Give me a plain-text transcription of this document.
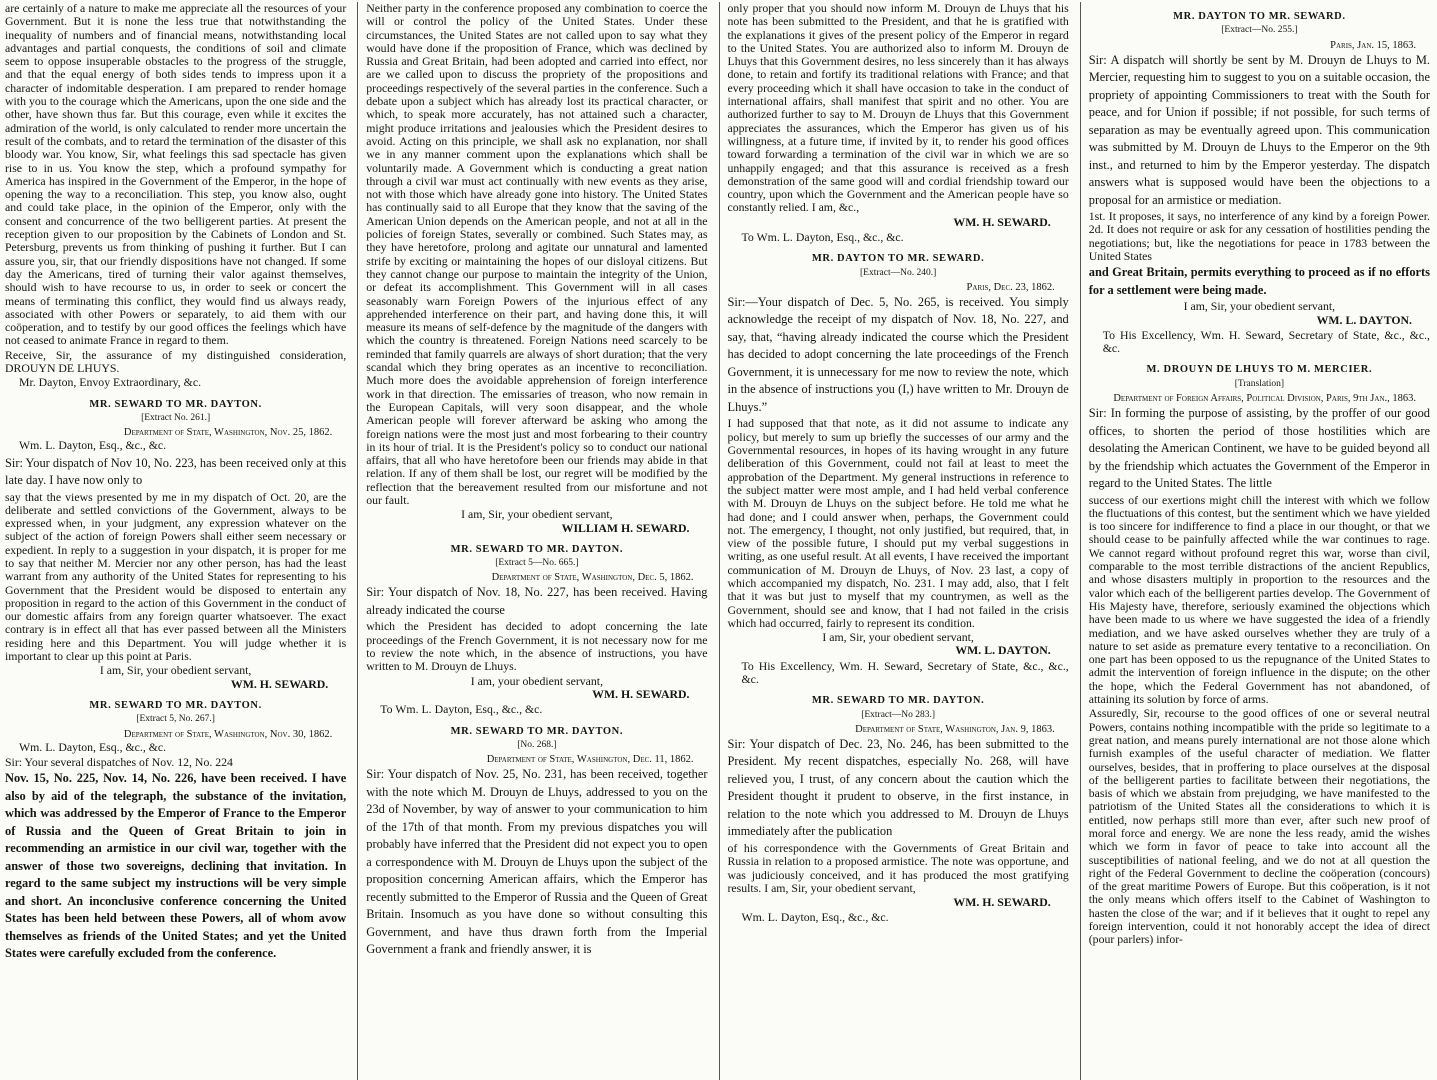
are certainly of a nature to make me appreciate all the resources of your Government. But it is none the less true that notwithstanding the inequality of numbers and of financial means, notwithstanding local advantages and partial conquests, the conditions of soil and climate seem to oppose insuperable obstacles to the progress of the struggle, and that the equal energy of both sides tends to impress upon it a character of indomitable desperation. I am prepared to render homage with you to the courage which the Americans, upon the one side and the other, have shown thus far. But this courage, even while it excites the admiration of the world, is only calculated to render more uncertain the result of the combats, and to retard the termination of the disaster of this bloody war. You know, Sir, what feelings this sad spectacle has given rise to in us. You know the step, which a profound sympathy for America has inspired in the Government of the Emperor, in the hope of opening the way to a reconciliation. This step, you know also, ought and could take place, in the opinion of the Emperor, only with the consent and concurrence of the two belligerent parties. At present the reception given to our proposition by the Cabinets of London and St. Petersburg, prevents us from thinking of pushing it further. But I can assure you, sir, that our friendly dispositions have not changed. If some day the Americans, tired of turning their valor against themselves, should wish to have recourse to us, in order to seek or concert the means of terminating this conflict, they would find us always ready, associated with other Powers or separately, to aid them with our coöperation, and to testify by our good offices the feelings which have not ceased to animate France in regard to them.

Receive, Sir, the assurance of my distinguished consideration, DROUYN DE LHUYS.

Mr. Dayton, Envoy Extraordinary, &c.

MR. SEWARD TO MR. DAYTON.

[Extract No. 261.]

Department of State, Washington, Nov. 25, 1862.

Wm. L. Dayton, Esq., &c., &c.

Sir: Your dispatch of Nov 10, No. 223, has been received only at this late day. I have now only to

say that the views presented by me in my dispatch of Oct. 20, are the deliberate and settled convictions of the Government, always to be expressed when, in your judgment, any expression whatever on the subject of the action of foreign Powers shall either seem necessary or expedient. In reply to a suggestion in your dispatch, it is proper for me to say that neither M. Mercier nor any other person, has had the least warrant from any authority of the United States for representing to his Government that the President would be disposed to entertain any proposition in regard to the action of this Government in the conduct of our domestic affairs from any foreign quarter whatsoever. The exact contrary is in effect all that has ever passed between all the Ministers residing here and this Department. You will judge whether it is important to clear up this point at Paris.

I am, Sir, your obedient servant,

WM. H. SEWARD.

MR. SEWARD TO MR. DAYTON.

[Extract 5, No. 267.]

Department of State, Washington, Nov. 30, 1862.

Wm. L. Dayton, Esq., &c., &c.

Sir: Your several dispatches of Nov. 12, No. 224

Nov. 15, No. 225, Nov. 14, No. 226, have been received. I have also by aid of the telegraph, the substance of the invitation, which was addressed by the Emperor of France to the Emperor of Russia and the Queen of Great Britain to join in recommending an armistice in our civil war, together with the answer of those two sovereigns, declining that invitation. In regard to the same subject my instructions will be very simple and short. An inconclusive conference concerning the United States has been held between these Powers, all of whom avow themselves as friends of the United States; and yet the United States were carefully excluded from the conference.

Neither party in the conference proposed any combination to coerce the will or control the policy of the United States. Under these circumstances, the United States are not called upon to say what they would have done if the proposition of France, which was declined by Russia and Great Britain, had been adopted and carried into effect, nor are we called upon to discuss the propriety of the propositions and proceedings respectively of the several parties in the conference. Such a debate upon a subject which has already lost its practical character, or which, to speak more accurately, has not attained such a character, might produce irritations and jealousies which the President desires to avoid. Acting on this principle, we shall ask no explanation, nor shall we in any manner comment upon the explanations which shall be voluntarily made. A Government which is conducting a great nation through a civil war must act continually with new events as they arise, not with those which have already gone into history. The United States has continually said to all Europe that they know that the saving of the American Union depends on the American people, and not at all in the policies of foreign States, severally or combined. Such States may, as they have heretofore, prolong and agitate our unnatural and lamented strife by exciting or maintaining the hopes of our disloyal citizens. But they cannot change our purpose to maintain the integrity of the Union, or defeat its accomplishment. This Government will in all cases seasonably warn Foreign Powers of the injurious effect of any apprehended interference on their part, and having done this, it will measure its means of self-defence by the magnitude of the dangers with which the country is threatened. Foreign Nations need scarcely to be reminded that family quarrels are always of short duration; that the very scandal which they bring operates as an incentive to reconciliation. Much more does the avoidable apprehension of foreign interference work in that direction. The emissaries of treason, who now remain in the European Capitals, will very soon disappear, and the whole American people will forever afterward be asking who among the foreign nations were the most just and most forbearing to their country in its hour of trial. It is the President's policy so to conduct our national affairs, that all who have heretofore been our friends may abide in that relation. If any of them shall be lost, our regret will be modified by the reflection that the bereavement resulted from our misfortune and not our fault.

I am, Sir, your obedient servant,

WILLIAM H. SEWARD.

MR. SEWARD TO MR. DAYTON.

[Extract 5—No. 665.]

Department of State, Washington, Dec. 5, 1862.

Sir: Your dispatch of Nov. 18, No. 227, has been received. Having already indicated the course

which the President has decided to adopt concerning the late proceedings of the French Government, it is not necessary now for me to review the note which, in the absence of instructions, you have written to M. Drouyn de Lhuys.

I am, your obedient servant,

WM. H. SEWARD.

To Wm. L. Dayton, Esq., &c., &c.

MR. SEWARD TO MR. DAYTON.

[No. 268.]

Department of State, Washington, Dec. 11, 1862.

Sir: Your dispatch of Nov. 25, No. 231, has been received, together with the note which M. Drouyn de Lhuys, addressed to you on the 23d of November, by way of answer to your communication to him of the 17th of that month. From my previous dispatches you will probably have inferred that the President did not expect you to open a correspondence with M. Drouyn de Lhuys upon the subject of the proposition concerning American affairs, which the Emperor has recently submitted to the Emperor of Russia and the Queen of Great Britain. Insomuch as you have done so without consulting this Government, and have thus drawn forth from the Imperial Government a frank and friendly answer, it is

only proper that you should now inform M. Drouyn de Lhuys that his note has been submitted to the President, and that he is gratified with the explanations it gives of the present policy of the Emperor in regard to the United States. You are authorized also to inform M. Drouyn de Lhuys that this Government desires, no less sincerely than it has always done, to retain and fortify its traditional relations with France; and that every proceeding which it shall have occasion to take in the conduct of international affairs, shall manifest that spirit and no other. You are authorized further to say to M. Drouyn de Lhuys that this Government appreciates the assurances, which the Emperor has given us of his willingness, at a future time, if invited by it, to render his good offices toward forwarding a termination of the civil war in which we are so unhappily engaged; and that this assurance is received as a fresh demonstration of the same good will and cordial friendship toward our country, upon which the Government and the American people have so constantly relied. I am, &c.,

WM. H. SEWARD.

To Wm. L. Dayton, Esq., &c., &c.

MR. DAYTON TO MR. SEWARD.

[Extract—No. 240.]

Paris, Dec. 23, 1862.

Sir:—Your dispatch of Dec. 5, No. 265, is received. You simply acknowledge the receipt of my dispatch of Nov. 18, No. 227, and say, that, “having already indicated the course which the President has decided to adopt concerning the late proceedings of the French Government, it is unnecessary for me now to review the note, which in the absence of instructions you (I,) have written to Mr. Drouyn de Lhuys.”

I had supposed that that note, as it did not assume to indicate any policy, but merely to sum up briefly the successes of our army and the Governmental resources, in hopes of its having wrought in any future deliberation of this Government, could not fail at least to meet the approbation of the Department. My general instructions in reference to the subject matter were most ample, and I had held verbal conference with M. Drouyn de Lhuys on the subject before. He told me what he had done; and I could answer when, perhaps, the Government could not. The emergency, I thought, not only justified, but required, that, in view of the possible future, I should put my verbal suggestions in writing, as one useful result. At all events, I have received the important communication of M. Drouyn de Lhuys, of Nov. 23 last, a copy of which accompanied my dispatch, No. 231. I may add, also, that I felt that it was but just to myself that my countrymen, as well as the Government, should see and know, that I had not failed in the crisis which had occurred, fairly to represent its condition.

I am, Sir, your obedient servant,

WM. L. DAYTON.

To His Excellency, Wm. H. Seward, Secretary of State, &c., &c., &c.

MR. SEWARD TO MR. DAYTON.

[Extract—No 283.]

Department of State, Washington, Jan. 9, 1863.

Sir: Your dispatch of Dec. 23, No. 246, has been submitted to the President. My recent dispatches, especially No. 268, will have relieved you, I trust, of any concern about the caution which the President thought it prudent to observe, in the first instance, in relation to the note which you addressed to M. Drouyn de Lhuys immediately after the publication

of his correspondence with the Governments of Great Britain and Russia in relation to a proposed armistice. The note was opportune, and was judiciously conceived, and it has produced the most gratifying results. I am, Sir, your obedient servant,

WM. H. SEWARD.

Wm. L. Dayton, Esq., &c., &c.

MR. DAYTON TO MR. SEWARD.

[Extract—No. 255.]

Paris, Jan. 15, 1863.

Sir: A dispatch will shortly be sent by M. Drouyn de Lhuys to M. Mercier, requesting him to suggest to you on a suitable occasion, the propriety of appointing Commissioners to treat with the South for peace, and for Union if possible; if not possible, for such terms of separation as may be eventually agreed upon. This communication was submitted by M. Drouyn de Lhuys to the Emperor on the 9th inst., and returned to him by the Emperor yesterday. The dispatch answers what is supposed would have been the objections to a proposal for an armistice or mediation.

1st. It proposes, it says, no interference of any kind by a foreign Power. 2d. It does not require or ask for any cessation of hostilities pending the negotiations; but, like the negotiations for peace in 1783 between the United States

and Great Britain, permits everything to proceed as if no efforts for a settlement were being made.

I am, Sir, your obedient servant,

WM. L. DAYTON.

To His Excellency, Wm. H. Seward, Secretary of State, &c., &c., &c.

M. DROUYN DE LHUYS TO M. MERCIER.

[Translation]

Department of Foreign Affairs, Political Division, Paris, 9th Jan., 1863.

Sir: In forming the purpose of assisting, by the proffer of our good offices, to shorten the period of those hostilities which are desolating the American Continent, we have to be guided beyond all by the friendship which actuates the Government of the Emperor in regard to the United States. The little

success of our exertions might chill the interest with which we follow the fluctuations of this contest, but the sentiment which we have yielded is too sincere for indifference to find a place in our thought, or that we should cease to be painfully affected while the war continues to rage. We cannot regard without profound regret this war, worse than civil, comparable to the most terrible distractions of the ancient Republics, and whose disasters multiply in proportion to the resources and the valor which each of the belligerent parties develop. The Government of His Majesty have, therefore, seriously examined the objections which have been made to us where we have suggested the idea of a friendly mediation, and we have asked ourselves whether they are truly of a nature to set aside as premature every tentative to a reconciliation. On one part has been opposed to us the repugnance of the United States to admit the intervention of foreign influence in the dispute; on the other the hope, which the Federal Government has not abandoned, of attaining its solution by force of arms.

Assuredly, Sir, recourse to the good offices of one or several neutral Powers, contains nothing incompatible with the pride so legitimate to a great nation, and means purely international are not those alone which furnish examples of the useful character of mediation. We flatter ourselves, besides, that in proffering to place ourselves at the disposal of the belligerent parties to facilitate between their negotiations, the basis of which we abstain from prejudging, we have manifested to the patriotism of the United States all the considerations to which it is entitled, now perhaps still more than ever, after such new proof of moral force and energy. We are none the less ready, amid the wishes which we form in favor of peace to take into account all the susceptibilities of national feeling, and we do not at all question the right of the Federal Government to decline the coöperation (concours) of the great maritime Powers of Europe. But this coöperation, is it not the only means which offers itself to the Cabinet of Washington to hasten the close of the war; and if it believes that it ought to repel any foreign intervention, could it not honorably accept the idea of direct (pour parlers) infor-
